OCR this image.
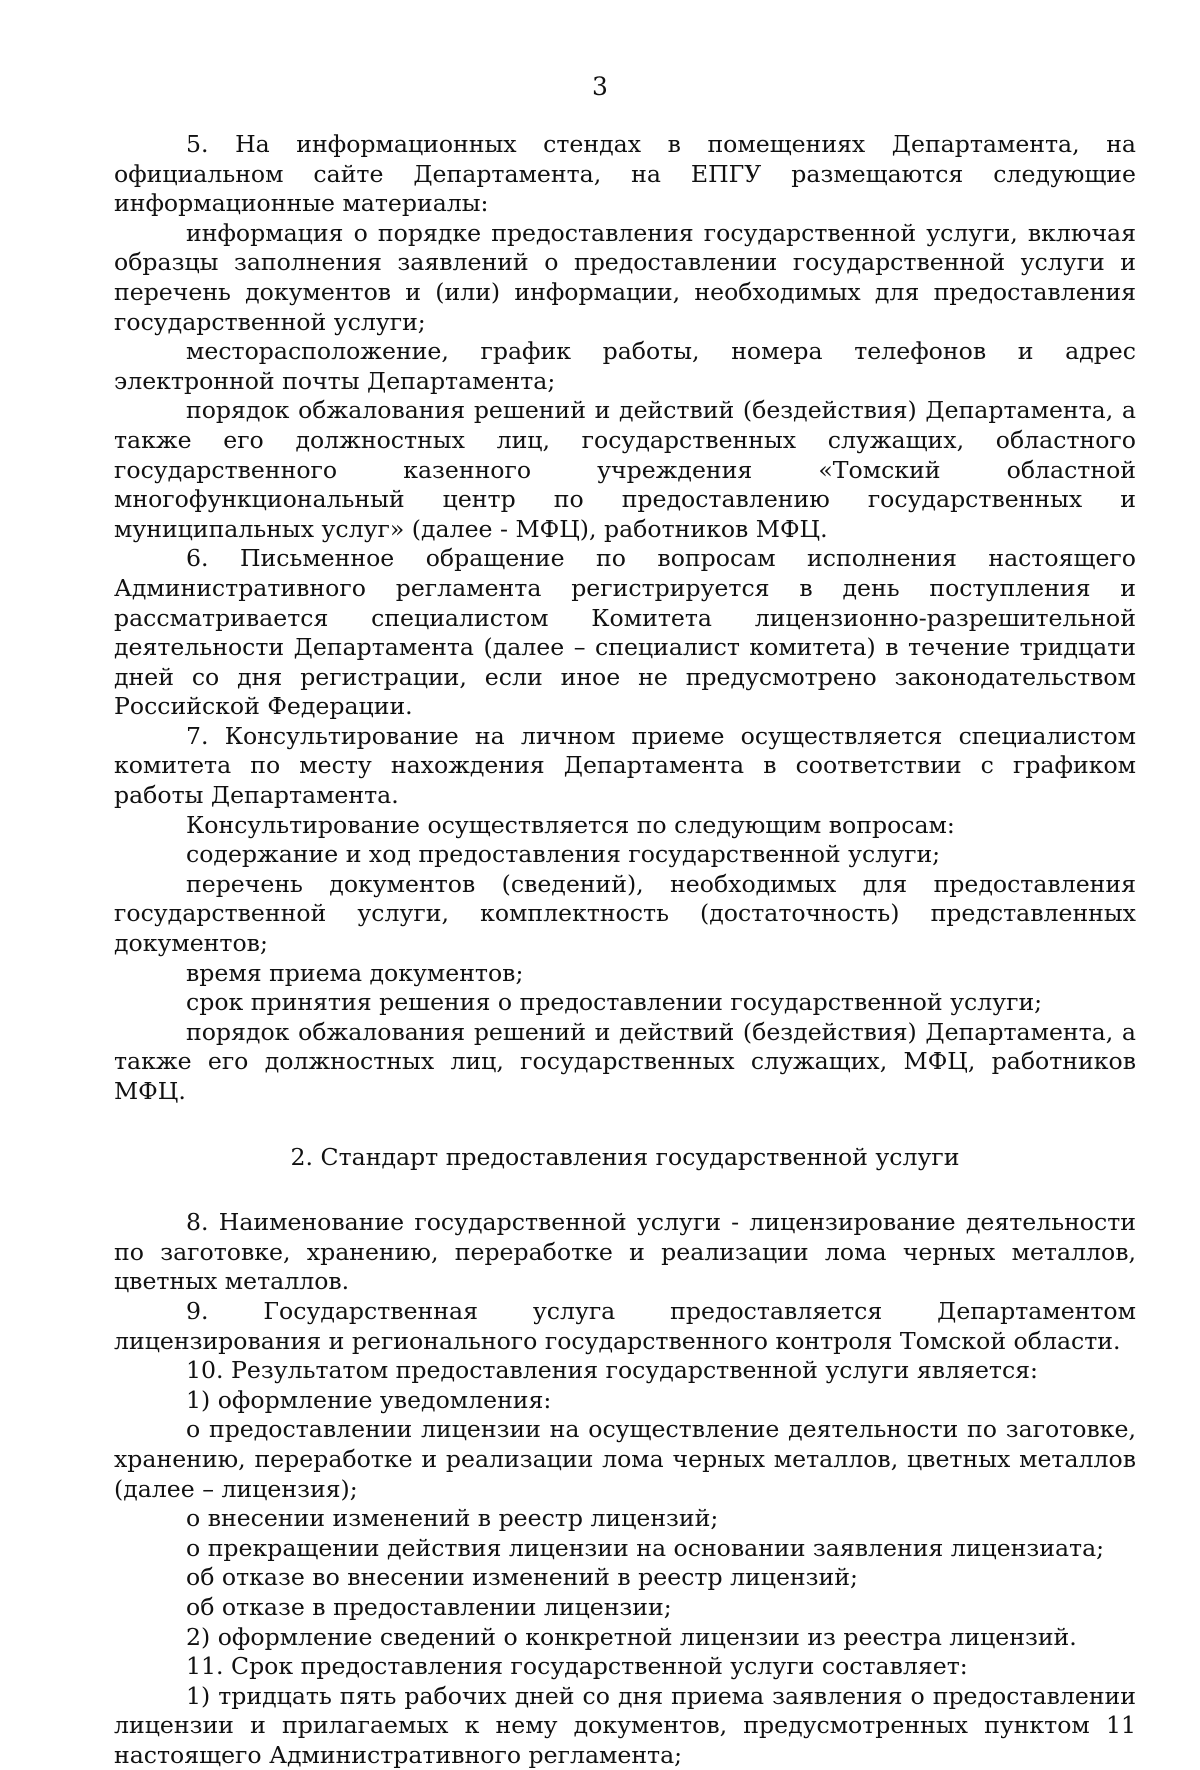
3

5. На информационных стендах в помещениях Департамента, на официальном сайте Департамента, на ЕПГУ размещаются следующие информационные материалы:

информация о порядке предоставления государственной услуги, включая образцы заполнения заявлений о предоставлении государственной услуги и перечень документов и (или) информации, необходимых для предоставления государственной услуги;

месторасположение, график работы, номера телефонов и адрес электронной почты Департамента;

порядок обжалования решений и действий (бездействия) Департамента, а также его должностных лиц, государственных служащих, областного государственного казенного учреждения «Томский областной многофункциональный центр по предоставлению государственных и муниципальных услуг» (далее - МФЦ), работников МФЦ.

6. Письменное обращение по вопросам исполнения настоящего Административного регламента регистрируется в день поступления и рассматривается специалистом Комитета лицензионно-разрешительной деятельности Департамента (далее – специалист комитета) в течение тридцати дней со дня регистрации, если иное не предусмотрено законодательством Российской Федерации.

7. Консультирование на личном приеме осуществляется специалистом комитета по месту нахождения Департамента в соответствии с графиком работы Департамента.

Консультирование осуществляется по следующим вопросам:

содержание и ход предоставления государственной услуги;

перечень документов (сведений), необходимых для предоставления государственной услуги, комплектность (достаточность) представленных документов;

время приема документов;

срок принятия решения о предоставлении государственной услуги;

порядок обжалования решений и действий (бездействия) Департамента, а также его должностных лиц, государственных служащих, МФЦ, работников МФЦ.

2. Стандарт предоставления государственной услуги

8. Наименование государственной услуги - лицензирование деятельности по заготовке, хранению, переработке и реализации лома черных металлов, цветных металлов.

9. Государственная услуга предоставляется Департаментом лицензирования и регионального государственного контроля Томской области.

10. Результатом предоставления государственной услуги является:

1) оформление уведомления:

о предоставлении лицензии на осуществление деятельности по заготовке, хранению, переработке и реализации лома черных металлов, цветных металлов (далее – лицензия);

о внесении изменений в реестр лицензий;

о прекращении действия лицензии на основании заявления лицензиата;

об отказе во внесении изменений в реестр лицензий;

об отказе в предоставлении лицензии;

2) оформление сведений о конкретной лицензии из реестра лицензий.

11. Срок предоставления государственной услуги составляет:

1) тридцать пять рабочих дней со дня приема заявления о предоставлении лицензии и прилагаемых к нему документов, предусмотренных пунктом 11 настоящего Административного регламента;
